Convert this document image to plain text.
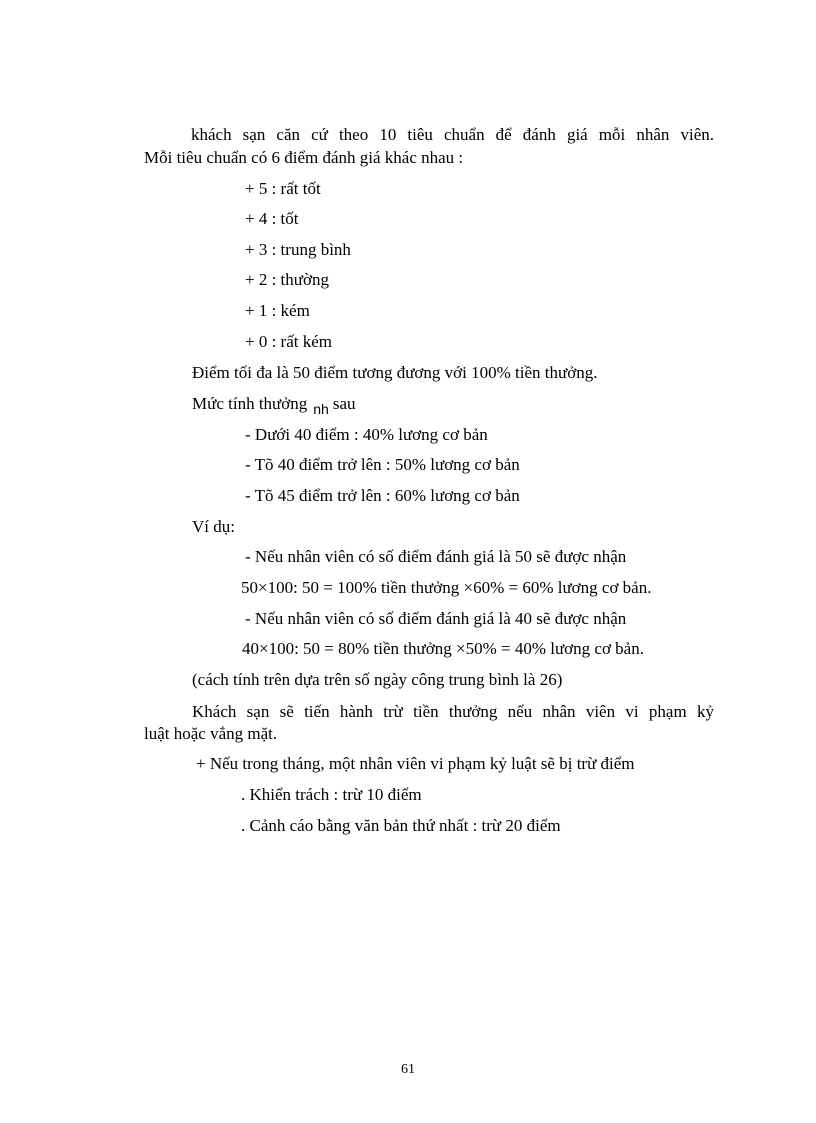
khách sạn căn cứ theo 10 tiêu chuẩn để đánh giá mỗi nhân viên.
Mỗi tiêu chuẩn có 6 điểm đánh giá khác nhau :
+ 5 : rất tốt
+ 4 : tốt
+ 3 : trung bình
+ 2 : thường
+ 1 : kém
+ 0 : rất kém
Điểm tối đa là 50 điểm tương đương với 100% tiền thưởng.
Mức tính thưởng $_{nh}$ sau
- Dưới 40 điểm : 40% lương cơ bản
- Tõ 40 điểm trở lên : 50% lương cơ bản
- Tõ 45 điểm trở lên : 60% lương cơ bản
Ví dụ:
- Nếu nhân viên có số điểm đánh giá là 50 sẽ được nhận
50×100: 50 = 100% tiền thưởng ×60% = 60% lương cơ bản.
- Nếu nhân viên có số điểm đánh giá là 40 sẽ được nhận
40×100: 50 = 80% tiền thưởng ×50% = 40% lương cơ bản.
(cách tính trên dựa trên số ngày công trung bình là 26)
Khách sạn sẽ tiến hành trừ tiền thưởng nếu nhân viên vi phạm kỷ
luật hoặc vắng mặt.
+ Nếu trong tháng, một nhân viên vi phạm kỷ luật sẽ bị trừ điểm
. Khiển trách : trừ 10 điểm
. Cảnh cáo bằng văn bản thứ nhất : trừ 20 điểm
61
